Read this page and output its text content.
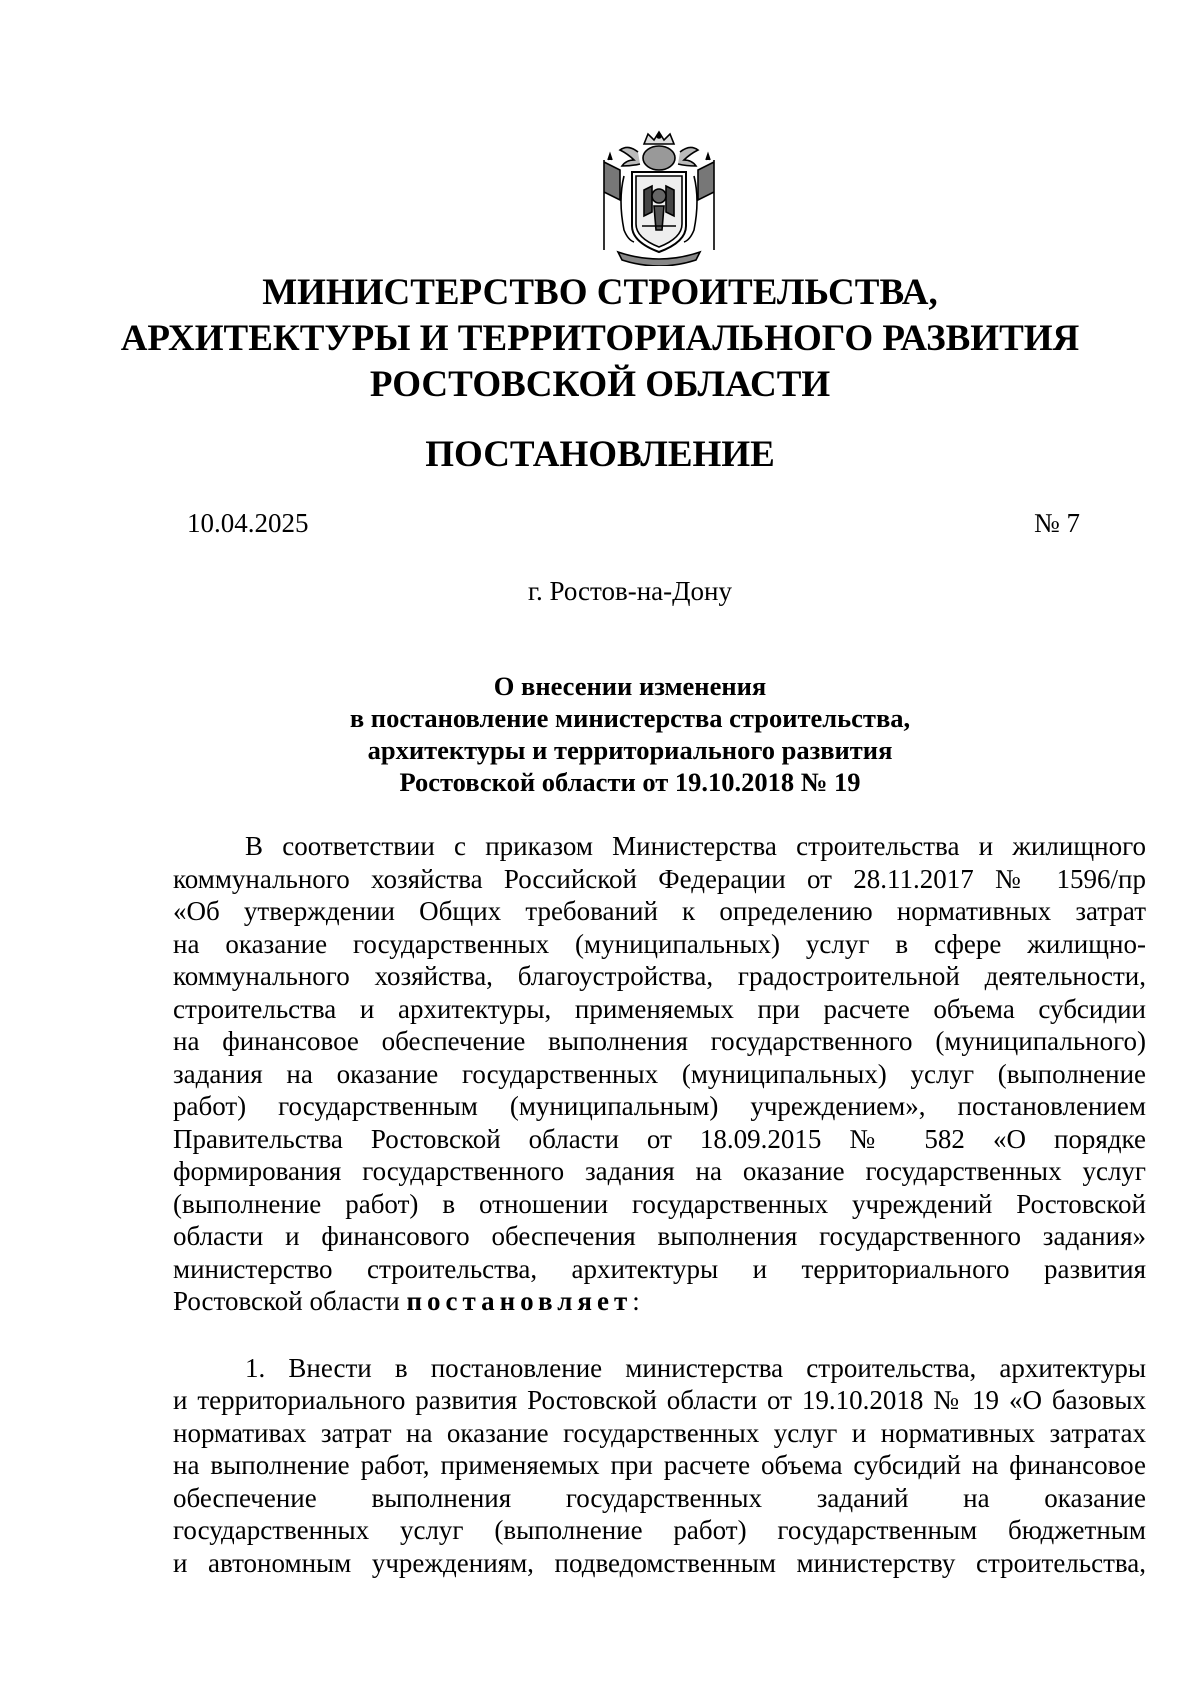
МИНИСТЕРСТВО СТРОИТЕЛЬСТВА,
АРХИТЕКТУРЫ И ТЕРРИТОРИАЛЬНОГО РАЗВИТИЯ
РОСТОВСКОЙ ОБЛАСТИ
ПОСТАНОВЛЕНИЕ
10.04.2025	№ 7
г. Ростов-на-Дону
О внесении изменения
в постановление министерства строительства,
архитектуры и территориального развития
Ростовской области от 19.10.2018 № 19
В соответствии с приказом Министерства строительства и жилищного
коммунального хозяйства Российской Федерации от 28.11.2017 № 1596/пр
«Об утверждении Общих требований к определению нормативных затрат
на оказание государственных (муниципальных) услуг в сфере жилищно-
коммунального хозяйства, благоустройства, градостроительной деятельности,
строительства и архитектуры, применяемых при расчете объема субсидии
на финансовое обеспечение выполнения государственного (муниципального)
задания на оказание государственных (муниципальных) услуг (выполнение
работ) государственным (муниципальным) учреждением», постановлением
Правительства Ростовской области от 18.09.2015 № 582 «О порядке
формирования государственного задания на оказание государственных услуг
(выполнение работ) в отношении государственных учреждений Ростовской
области и финансового обеспечения выполнения государственного задания»
министерство строительства, архитектуры и территориального развития
Ростовской области постановляет:
1. Внести в постановление министерства строительства, архитектуры
и территориального развития Ростовской области от 19.10.2018 № 19 «О базовых
нормативах затрат на оказание государственных услуг и нормативных затратах
на выполнение работ, применяемых при расчете объема субсидий на финансовое
обеспечение выполнения государственных заданий на оказание
государственных услуг (выполнение работ) государственным бюджетным
и автономным учреждениям, подведомственным министерству строительства,
